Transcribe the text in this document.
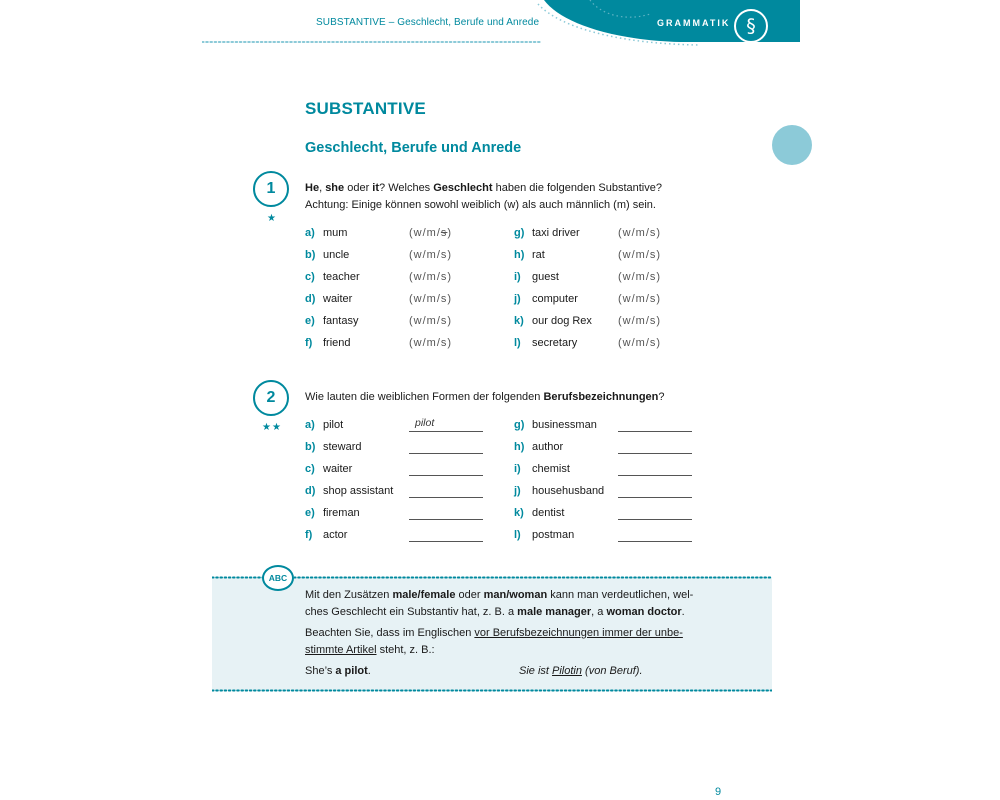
SUBSTANTIVE – Geschlecht, Berufe und Anrede	GRAMMATIK §
SUBSTANTIVE
Geschlecht, Berufe und Anrede
1
★
He, she oder it? Welches Geschlecht haben die folgenden Substantive?
Achtung: Einige können sowohl weiblich (w) als auch männlich (m) sein.
a) mum	(w/m/s)
b) uncle	(w/m/s)
c) teacher	(w/m/s)
d) waiter	(w/m/s)
e) fantasy	(w/m/s)
f) friend	(w/m/s)
g) taxi driver	(w/m/s)
h) rat	(w/m/s)
i) guest	(w/m/s)
j) computer	(w/m/s)
k) our dog Rex (w/m/s)
l) secretary	(w/m/s)
2
★★
Wie lauten die weiblichen Formen der folgenden Berufsbezeichnungen?
a) pilot	pilot
b) steward
c) waiter
d) shop assistant
e) fireman
f) actor
g) businessman
h) author
i) chemist
j) househusband
k) dentist
l) postman
ABC
Mit den Zusätzen male/female oder man/woman kann man verdeutlichen, wel-
ches Geschlecht ein Substantiv hat, z. B. a male manager, a woman doctor.
Beachten Sie, dass im Englischen vor Berufsbezeichnungen immer der unbe-
stimmte Artikel steht, z. B.:
She’s a pilot.	Sie ist Pilotin (von Beruf).
9
